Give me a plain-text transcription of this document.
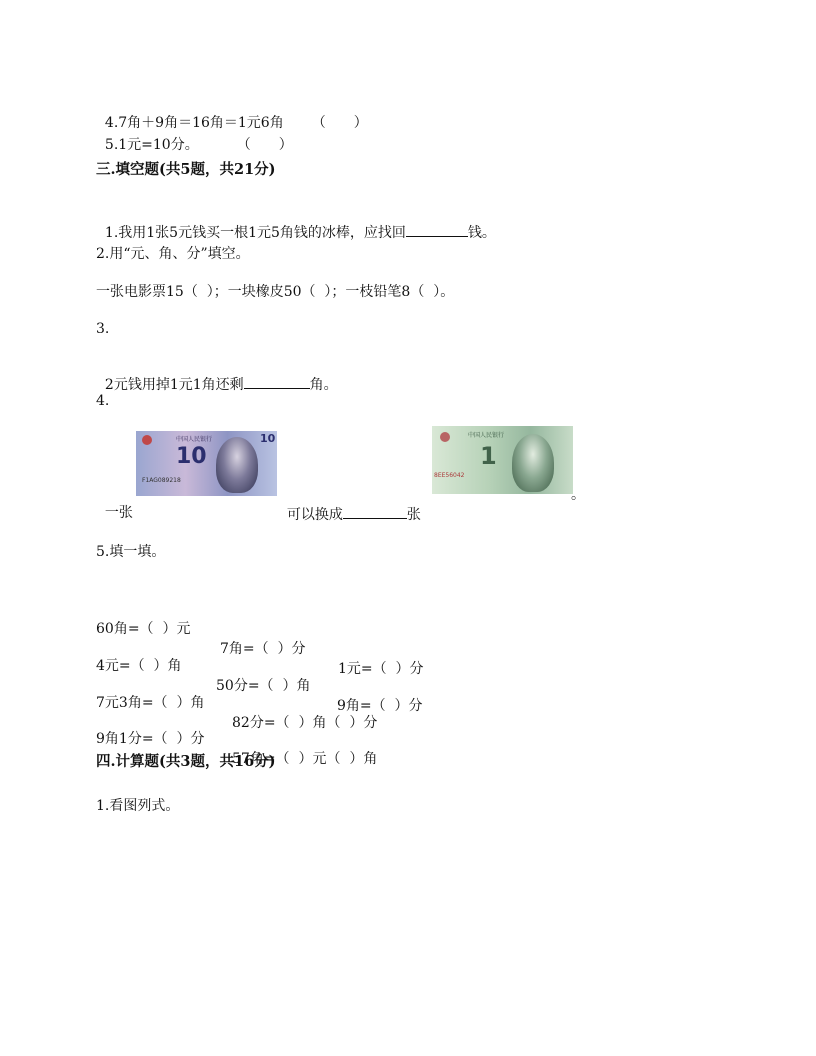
4.7角＋9角＝16角＝1元6角 （　　）

5.1元=10分。	（　　）

三.填空题(共5题，共21分)

1.我用1张5元钱买一根1元5角钱的冰棒，应找回	钱。

2.用“元、角、分”填空。
一张电影票15（  ）；一块橡皮50（  ）；一枝铅笔8（  ）。
3.

2元钱用掉1元1角还剩	角。

4.
中国人民银行
10
10
F1AG089218
中国人民银行
1
8EE56042

一张	可以换成	张

。
5.填一填。

60角=（  ）元

7角=（  ）分

1元=（  ）分

4元=（  ）角

50分=（  ）角

9角=（  ）分

7元3角=（  ）角

82分=（  ）角（  ）分

9角1分=（  ）分

57角=（  ）元（  ）角

四.计算题(共3题，共16分)
1.看图列式。
